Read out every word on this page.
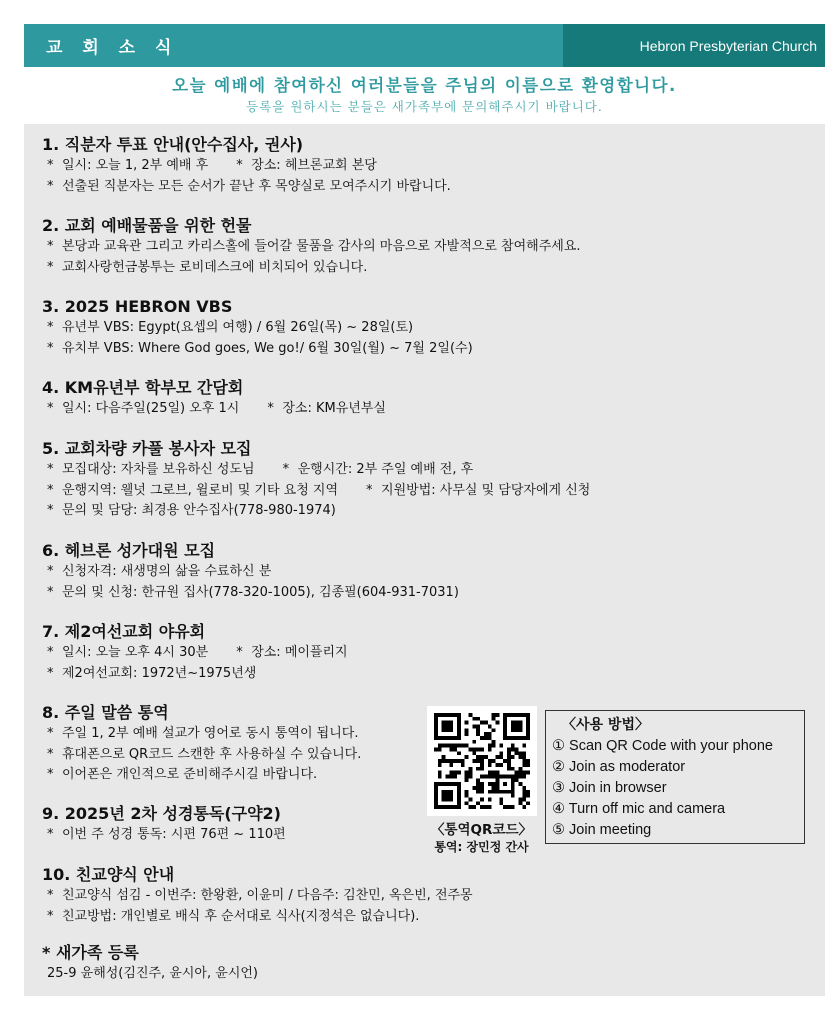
교 회 소 식	Hebron Presbyterian Church
오늘 예배에 참여하신 여러분들을 주님의 이름으로 환영합니다.
등록을 원하시는 분들은 새가족부에 문의해주시기 바랍니다.
1. 직분자 투표 안내(안수집사, 권사)
* 일시: 오늘 1, 2부 예배 후 * 장소: 헤브론교회 본당
* 선출된 직분자는 모든 순서가 끝난 후 목양실로 모여주시기 바랍니다.
2. 교회 예배물품을 위한 헌물
* 본당과 교육관 그리고 카리스홀에 들어갈 물품을 감사의 마음으로 자발적으로 참여해주세요.
* 교회사랑헌금봉투는 로비데스크에 비치되어 있습니다.
3. 2025 HEBRON VBS
* 유년부 VBS: Egypt(요셉의 여행) / 6월 26일(목) ~ 28일(토)
* 유치부 VBS: Where God goes, We go!/ 6월 30일(월) ~ 7월 2일(수)
4. KM유년부 학부모 간담회
* 일시: 다음주일(25일) 오후 1시 * 장소: KM유년부실
5. 교회차량 카풀 봉사자 모집
* 모집대상: 자차를 보유하신 성도님 * 운행시간: 2부 주일 예배 전, 후
* 운행지역: 웰넛 그로브, 윌로비 및 기타 요청 지역 * 지원방법: 사무실 및 담당자에게 신청
* 문의 및 담당: 최경용 안수집사(778-980-1974)
6. 헤브론 성가대원 모집
* 신청자격: 새생명의 삶을 수료하신 분
* 문의 및 신청: 한규원 집사(778-320-1005), 김종필(604-931-7031)
7. 제2여선교회 야유회
* 일시: 오늘 오후 4시 30분 * 장소: 메이플리지
* 제2여선교회: 1972년~1975년생
8. 주일 말씀 통역
* 주일 1, 2부 예배 설교가 영어로 동시 통역이 됩니다.
* 휴대폰으로 QR코드 스캔한 후 사용하실 수 있습니다.
* 이어폰은 개인적으로 준비해주시길 바랍니다.
9. 2025년 2차 성경통독(구약2)
* 이번 주 성경 통독: 시편 76편 ~ 110편
10. 친교양식 안내
* 친교양식 섬김 - 이번주: 한왕환, 이윤미 / 다음주: 김찬민, 옥은빈, 전주몽
* 친교방법: 개인별로 배식 후 순서대로 식사(지정석은 없습니다).
〈통역QR코드〉
통역: 장민정 간사
〈사용 방법〉
① Scan QR Code with your phone
② Join as moderator
③ Join in browser
④ Turn off mic and camera
⑤ Join meeting
* 새가족 등록
25-9 윤해성(김진주, 윤시아, 윤시언)
